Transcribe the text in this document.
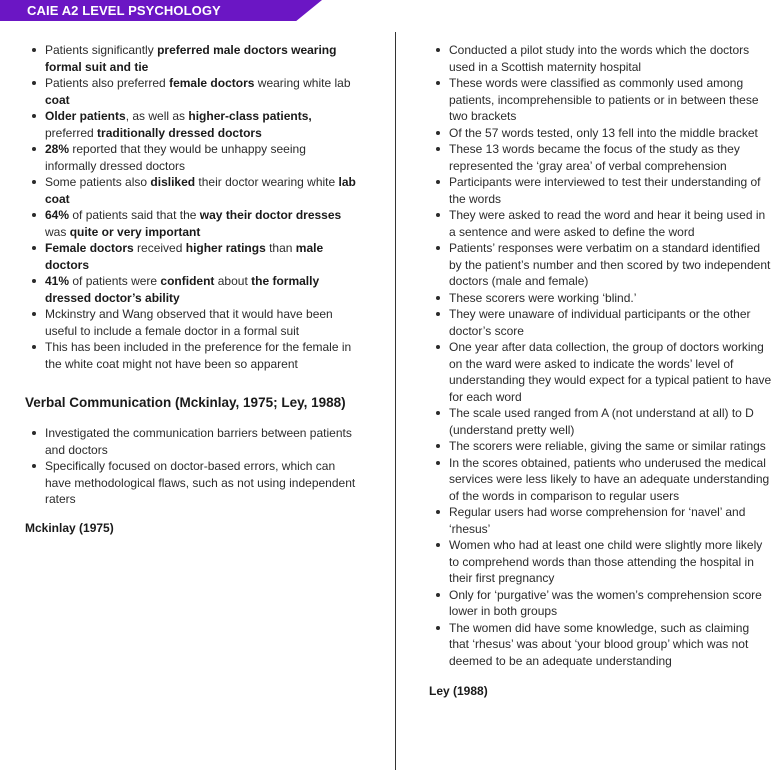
CAIE A2 LEVEL PSYCHOLOGY
Patients significantly preferred male doctors wearing formal suit and tie
Patients also preferred female doctors wearing white lab coat
Older patients, as well as higher-class patients, preferred traditionally dressed doctors
28% reported that they would be unhappy seeing informally dressed doctors
Some patients also disliked their doctor wearing white lab coat
64% of patients said that the way their doctor dresses was quite or very important
Female doctors received higher ratings than male doctors
41% of patients were confident about the formally dressed doctor’s ability
Mckinstry and Wang observed that it would have been useful to include a female doctor in a formal suit
This has been included in the preference for the female in the white coat might not have been so apparent
Verbal Communication (Mckinlay, 1975; Ley, 1988)
Investigated the communication barriers between patients and doctors
Specifically focused on doctor-based errors, which can have methodological flaws, such as not using independent raters
Mckinlay (1975)
Conducted a pilot study into the words which the doctors used in a Scottish maternity hospital
These words were classified as commonly used among patients, incomprehensible to patients or in between these two brackets
Of the 57 words tested, only 13 fell into the middle bracket
These 13 words became the focus of the study as they represented the ‘gray area’ of verbal comprehension
Participants were interviewed to test their understanding of the words
They were asked to read the word and hear it being used in a sentence and were asked to define the word
Patients’ responses were verbatim on a standard identified by the patient’s number and then scored by two independent doctors (male and female)
These scorers were working ‘blind.’
They were unaware of individual participants or the other doctor’s score
One year after data collection, the group of doctors working on the ward were asked to indicate the words’ level of understanding they would expect for a typical patient to have for each word
The scale used ranged from A (not understand at all) to D (understand pretty well)
The scorers were reliable, giving the same or similar ratings
In the scores obtained, patients who underused the medical services were less likely to have an adequate understanding of the words in comparison to regular users
Regular users had worse comprehension for ‘navel’ and ‘rhesus’
Women who had at least one child were slightly more likely to comprehend words than those attending the hospital in their first pregnancy
Only for ‘purgative’ was the women’s comprehension score lower in both groups
The women did have some knowledge, such as claiming that ‘rhesus’ was about ‘your blood group’ which was not deemed to be an adequate understanding
Ley (1988)
